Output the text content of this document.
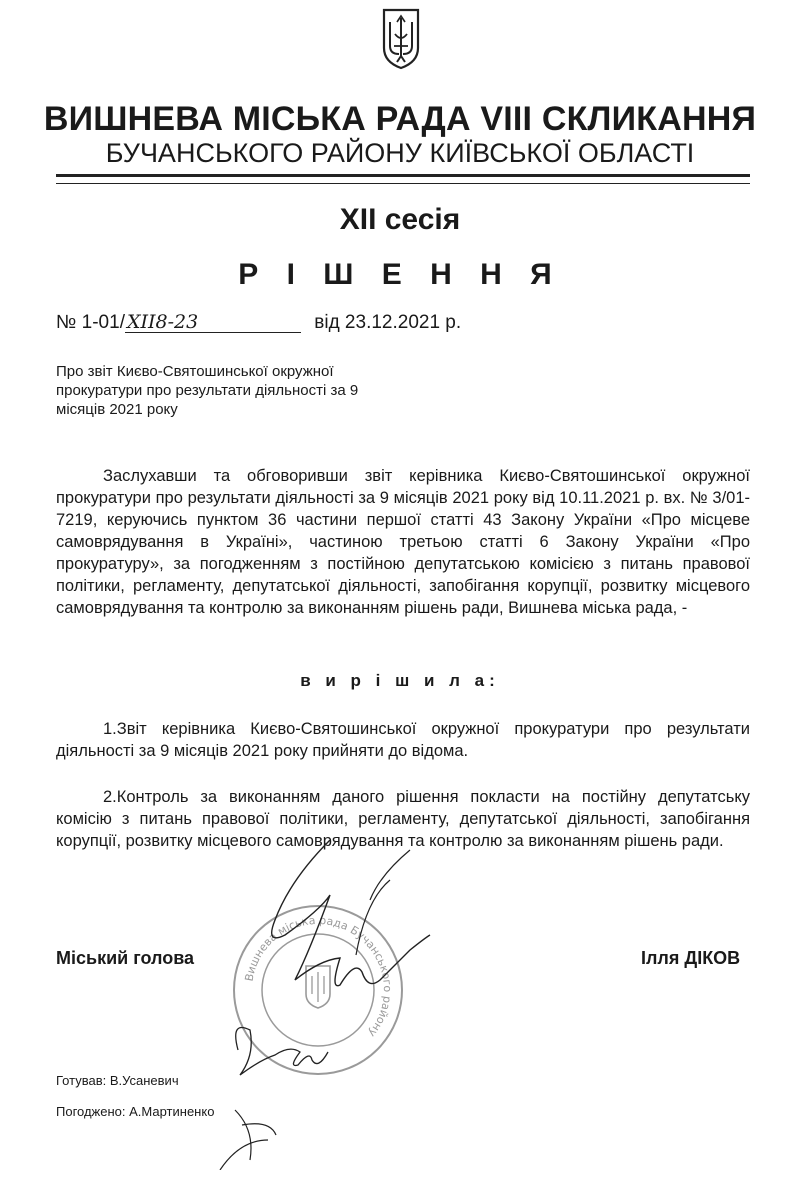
ВИШНЕВА МІСЬКА РАДА VIII СКЛИКАННЯ
БУЧАНСЬКОГО РАЙОНУ КИЇВСЬКОЇ ОБЛАСТІ
XII сесія
Р І Ш Е Н Н Я
№ 1-01/ XII8-23	від 23.12.2021 р.
Про звіт Києво-Святошинської окружної прокуратури про результати діяльності за 9 місяців 2021 року
Заслухавши та обговоривши звіт керівника Києво-Святошинської окружної прокуратури про результати діяльності за 9 місяців 2021 року від 10.11.2021 р. вх. № 3/01-7219, керуючись пунктом 36 частини першої статті 43 Закону України «Про місцеве самоврядування в Україні», частиною третьою статті 6 Закону України «Про прокуратуру», за погодженням з постійною депутатською комісією з питань правової політики, регламенту, депутатської діяльності, запобігання корупції, розвитку місцевого самоврядування та контролю за виконанням рішень ради, Вишнева міська рада, -
в и р і ш и л а:
1.Звіт керівника Києво-Святошинської окружної прокуратури про результати діяльності за 9 місяців 2021 року прийняти до відома.
2.Контроль за виконанням даного рішення покласти на постійну депутатську комісію з питань правової політики, регламенту, депутатської діяльності, запобігання корупції, розвитку місцевого самоврядування та контролю за виконанням рішень ради.
Вишнева міська рада Бучанського району
Міський голова	Ілля ДІКОВ
Готував: В.Усаневич
Погоджено: А.Мартиненко
